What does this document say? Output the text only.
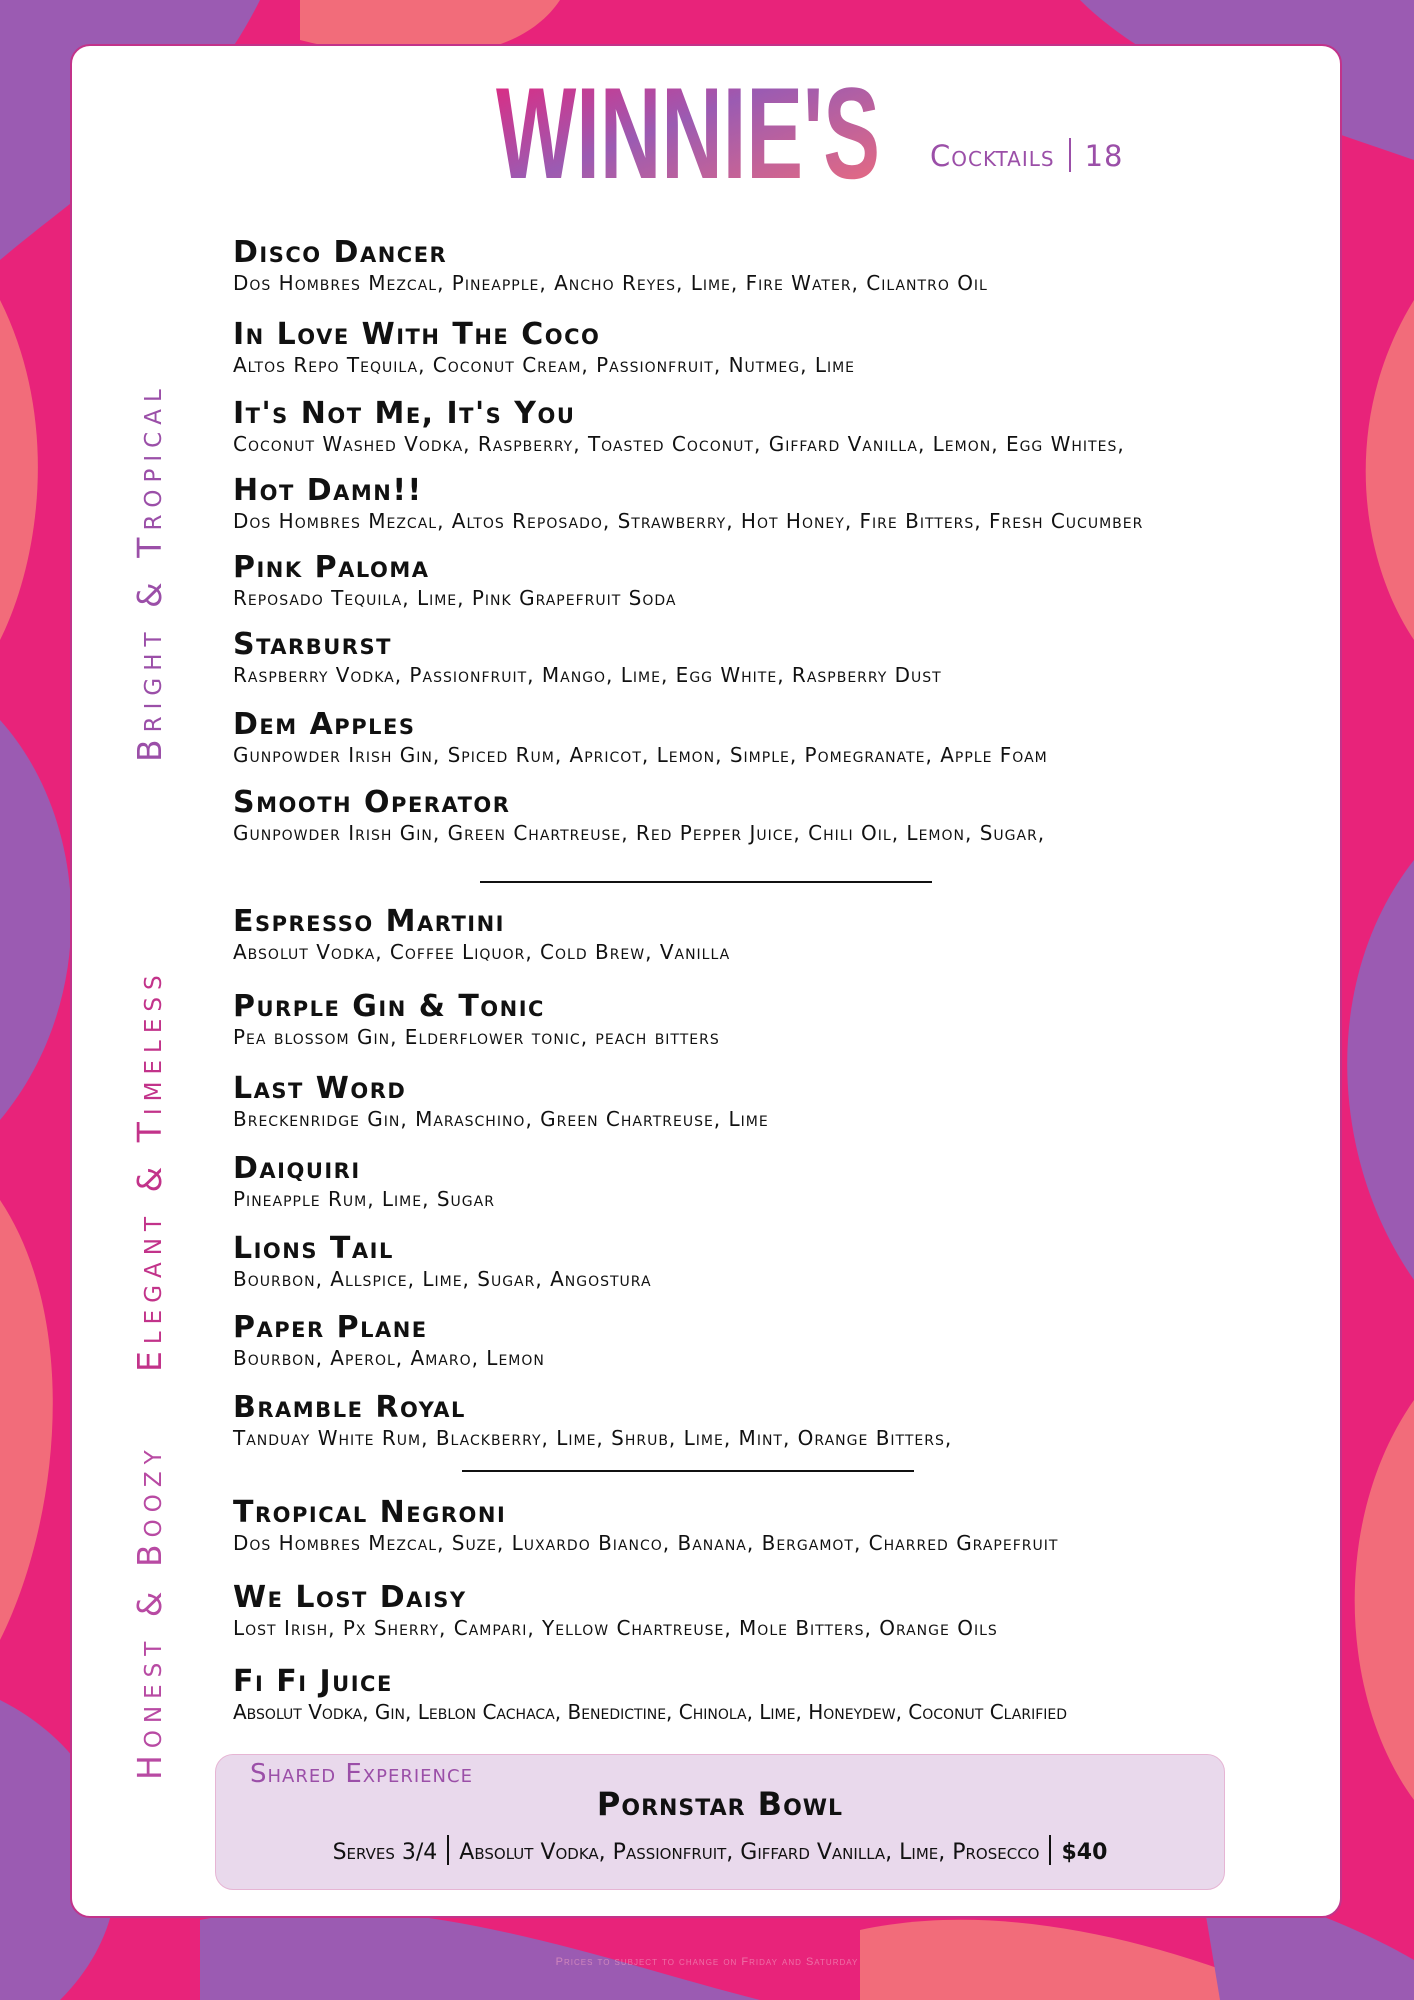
WINNIE'S Cocktails 18
Bright & Tropical
Elegant & Timeless
Honest & Boozy
Disco Dancer
Dos Hombres Mezcal, Pineapple, Ancho Reyes, Lime, Fire Water, Cilantro Oil
In Love With The Coco
Altos Repo Tequila, Coconut Cream, Passionfruit, Nutmeg, Lime
It's Not Me, It's You
Coconut Washed Vodka, Raspberry, Toasted Coconut, Giffard Vanilla, Lemon, Egg Whites,
Hot Damn!!
Dos Hombres Mezcal, Altos Reposado, Strawberry, Hot Honey, Fire Bitters, Fresh Cucumber
Pink Paloma
Reposado Tequila, Lime, Pink Grapefruit Soda
Starburst
Raspberry Vodka, Passionfruit, Mango, Lime, Egg White, Raspberry Dust
Dem Apples
Gunpowder Irish Gin, Spiced Rum, Apricot, Lemon, Simple, Pomegranate, Apple Foam
Smooth Operator
Gunpowder Irish Gin, Green Chartreuse, Red Pepper Juice, Chili Oil, Lemon, Sugar,
Espresso Martini
Absolut Vodka, Coffee Liquor, Cold Brew, Vanilla
Purple Gin & Tonic
Pea blossom Gin, Elderflower tonic, peach bitters
Last Word
Breckenridge Gin, Maraschino, Green Chartreuse, Lime
Daiquiri
Pineapple Rum, Lime, Sugar
Lions Tail
Bourbon, Allspice, Lime, Sugar, Angostura
Paper Plane
Bourbon, Aperol, Amaro, Lemon
Bramble Royal
Tanduay White Rum, Blackberry, Lime, Shrub, Lime, Mint, Orange Bitters,
Tropical Negroni
Dos Hombres Mezcal, Suze, Luxardo Bianco, Banana, Bergamot, Charred Grapefruit
We Lost Daisy
Lost Irish, Px Sherry, Campari, Yellow Chartreuse, Mole Bitters, Orange Oils
Fi Fi Juice
Absolut Vodka, Gin, Leblon Cachaca, Benedictine, Chinola, Lime, Honeydew, Coconut Clarified
Shared Experience
Pornstar Bowl
Serves 3/4 Absolut Vodka, Passionfruit, Giffard Vanilla, Lime, Prosecco $40
Prices to subject to change on Friday and Saturday
